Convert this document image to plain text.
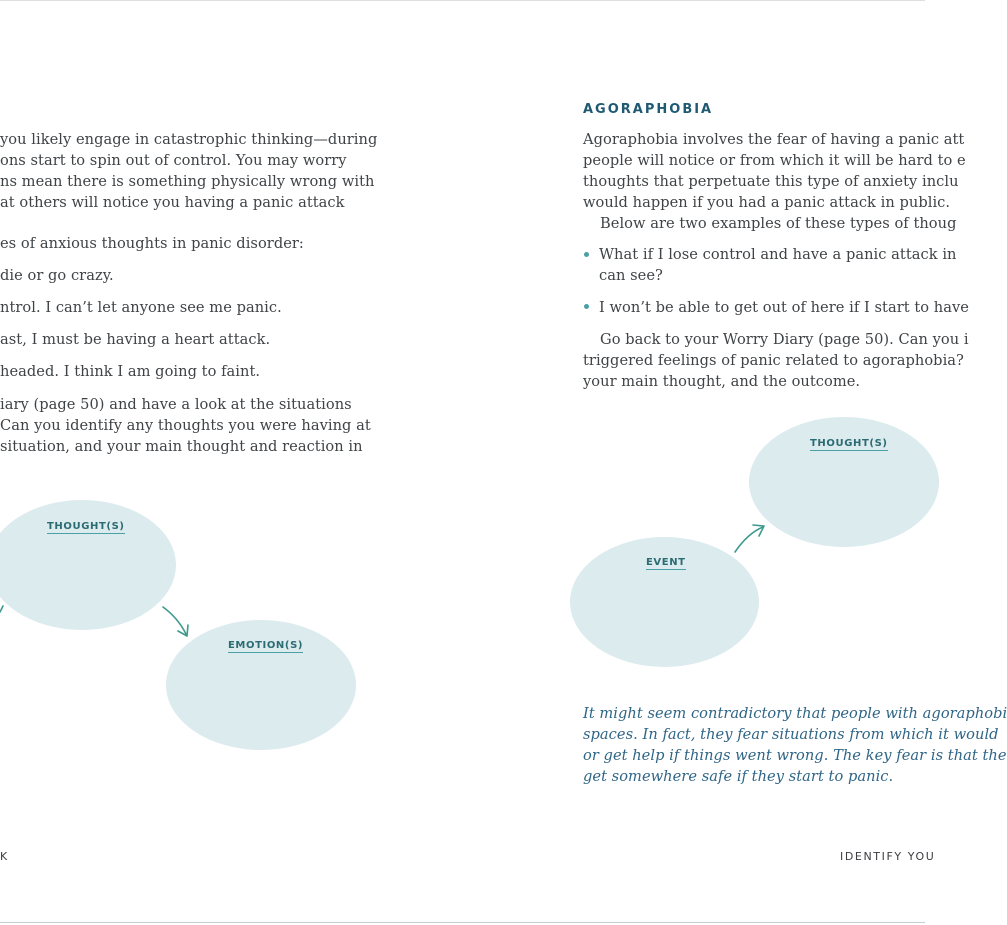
you likely engage in catastrophic thinking—during
ons start to spin out of control. You may worry
ns mean there is something physically wrong with
at others will notice you having a panic attack
es of anxious thoughts in panic disorder:
die or go crazy.
ntrol. I can’t let anyone see me panic.
ast, I must be having a heart attack.
headed. I think I am going to faint.
iary (page 50) and have a look at the situations
Can you identify any thoughts you were having at
situation, and your main thought and reaction in
THOUGHT(S)
EMOTION(S)
K
AGORAPHOBIA
Agoraphobia involves the fear of having a panic att
people will notice or from which it will be hard to e
thoughts that perpetuate this type of anxiety inclu
would happen if you had a panic attack in public.
Below are two examples of these types of thoug
What if I lose control and have a panic attack in
can see?
I won’t be able to get out of here if I start to have
Go back to your Worry Diary (page 50). Can you i
triggered feelings of panic related to agoraphobia?
your main thought, and the outcome.
THOUGHT(S)
EVENT
It might seem contradictory that people with agoraphobi
spaces. In fact, they fear situations from which it would
or get help if things went wrong. The key fear is that the
get somewhere safe if they start to panic.
IDENTIFY YOU
